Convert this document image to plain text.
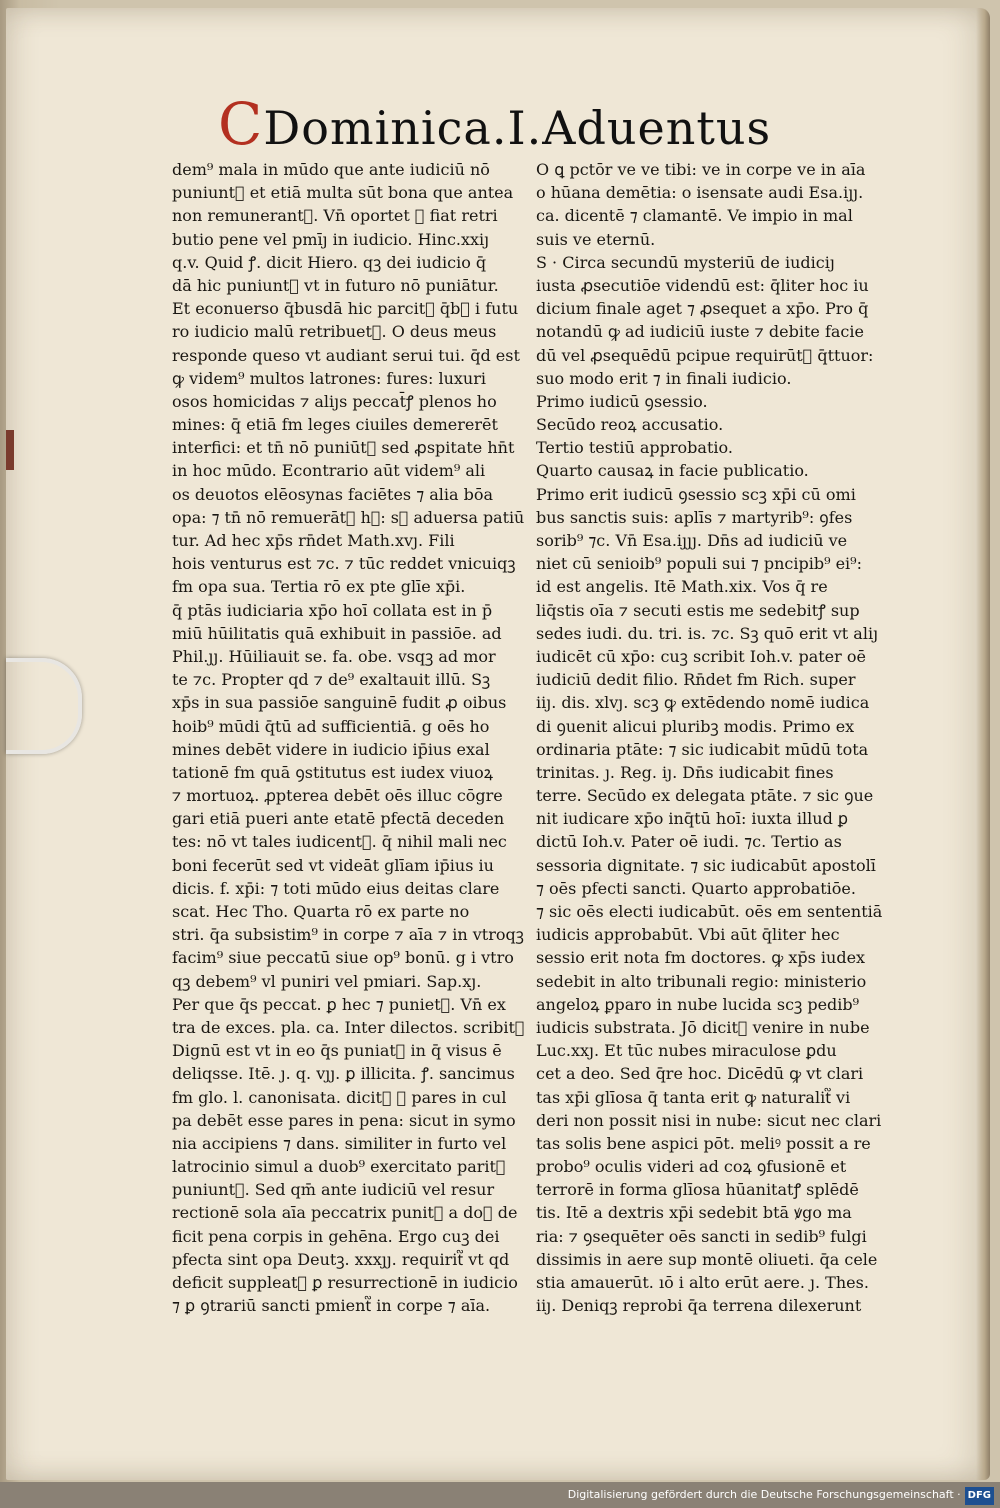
CDominica.I.Aduentus
dem⁹ mala in mūdo que ante iudiciū nō
puniunt᷑ et etiā multa sūt bona que antea
non remunerant᷑. Vn̄ oportet ꝙ fiat retri
butio pene vel pmīȷ in iudicio. Hinc.xxiȷ
q.v. Quid ꝭ. dicit Hiero. qꝫ dei iudicio q̄
dā hic puniunt᷑ vt in futuro nō puniātur.
Et econuerso q̄busdā hic parcit᷑ q̄bꝫ i futu
ro iudicio malū retribuet᷑. O deus meus
responde queso vt audiant serui tui. q̄d est
ꝙ videm⁹ multos latrones: fures: luxuri
osos homicidas ⁊ aliȷs peccat̄ꝭ plenos ho
mines: q̄ etiā fm leges ciuiles demererēt
interfici: et tn̄ nō puniūt᷑ sed ꝓspitate hn̄t
in hoc mūdo. Econtrario aūt videm⁹ ali
os deuotos elēosynas faciētes ⁊ alia bōa
opa: ⁊ tn̄ nō remuerāt᷑ hꝫ: sꝫ aduersa patiū
tur. Ad hec xp̄s rn̄det Math.xvȷ. Fili
hois venturus est ⁊c. ⁊ tūc reddet vnicuiqꝫ
fm opa sua. Tertia rō ex pte glīe xp̄i.
q̄ ptās iudiciaria xp̄o hoī collata est in p̄
miū hūilitatis quā exhibuit in passiōe. ad
Phil.ȷȷ. Hūiliauit se. fa. obe. vsqꝫ ad mor
te ⁊c. Propter qd ⁊ de⁹ exaltauit illū. Sꝫ
xp̄s in sua passiōe sanguinē fudit ꝓ oibus
hoib⁹ mūdi q̄tū ad sufficientiā. g oēs ho
mines debēt videre in iudicio ip̄ius exal
tationē fm quā ꝯstitutus est iudex viuoꝝ
⁊ mortuoꝝ. ꝓpterea debēt oēs illuc cōgre
gari etiā pueri ante etatē pfectā deceden
tes: nō vt tales iudicent᷑. q̄ nihil mali nec
boni fecerūt sed vt videāt glīam ip̄ius iu
dicis. f. xp̄i: ⁊ toti mūdo eius deitas clare
scat. Hec Tho. Quarta rō ex parte no
stri. q̄a subsistim⁹ in corpe ⁊ aīa ⁊ in vtroqꝫ
facim⁹ siue peccatū siue op⁹ bonū. g i vtro
qꝫ debem⁹ vl puniri vel pmiari. Sap.xȷ.
Per que q̄s peccat. ꝑ hec ⁊ puniet᷑. Vn̄ ex
tra de exces. pla. ca. Inter dilectos. scribit᷑
Dignū est vt in eo q̄s puniat᷑ in q̄ visus ē
deliqsse. Itē. ȷ. q. vȷȷ. ꝑ illicita. ꝭ. sancimus
fm glo. l. canonisata. dicit᷑ ꝙ pares in cul
pa debēt esse pares in pena: sicut in symo
nia accipiens ⁊ dans. similiter in furto vel
latrocinio simul a duob⁹ exercitato parit᷑
puniunt᷑. Sed qm̄ ante iudiciū vel resur
rectionē sola aīa peccatrix punit᷑ a doꝫ de
ficit pena corpis in gehēna. Ergo cuꝫ dei
pfecta sint opa Deutꝫ. xxxȷȷ. requirit᷑ vt qd
deficit suppleat᷑ ꝑ resurrectionē in iudicio
⁊ ꝑ ꝯtrariū sancti pmient᷑ in corpe ⁊ aīa.
O ꝗ pctōr ve ve tibi: ve in corpe ve in aīa
o hūana demētia: o isensate audi Esa.iȷȷ.
ca. dicentē ⁊ clamantē. Ve impio in mal
suis ve eternū.
S · Circa secundū mysteriū de iudiciȷ
iusta ꝓsecutiōe videndū est: q̄liter hoc iu
dicium finale aget ⁊ ꝓsequet a xp̄o. Pro q̄
notandū ꝙ ad iudiciū iuste ⁊ debite facie
dū vel ꝓsequēdū pcipue requirūt᷑ q̄ttuor:
suo modo erit ⁊ in finali iudicio.
Primo iudicū ꝯsessio.
Secūdo reoꝝ accusatio.
Tertio testiū approbatio.
Quarto causaꝝ in facie publicatio.
Primo erit iudicū ꝯsessio scꝫ xp̄i cū omi
bus sanctis suis: aplīs ⁊ martyrib⁹: ꝯfes
sorib⁹ ⁊c. Vn̄ Esa.iȷȷȷ. Dn̄s ad iudiciū ve
niet cū senioib⁹ populi sui ⁊ pncipib⁹ ei⁹:
id est angelis. Itē Math.xix. Vos q̄ re
liq̄stis oīa ⁊ secuti estis me sedebitꝭ sup
sedes iudi. du. tri. is. ⁊c. Sꝫ quō erit vt aliȷ
iudicēt cū xp̄o: cuꝫ scribit Ioh.v. pater oē
iudiciū dedit filio. Rn̄det fm Rich. super
iiȷ. dis. xlvȷ. scꝫ ꝙ extēdendo nomē iudica
di ꝯuenit alicui pluribꝫ modis. Primo ex
ordinaria ptāte: ⁊ sic iudicabit mūdū tota
trinitas. ȷ. Reg. iȷ. Dn̄s iudicabit fines
terre. Secūdo ex delegata ptāte. ⁊ sic ꝯue
nit iudicare xp̄o inq̄tū hoī: iuxta illud ꝑ
dictū Ioh.v. Pater oē iudi. ⁊c. Tertio as
sessoria dignitate. ⁊ sic iudicabūt apostolī
⁊ oēs pfecti sancti. Quarto approbatiōe.
⁊ sic oēs electi iudicabūt. oēs em sententiā
iudicis approbabūt. Vbi aūt q̄liter hec
sessio erit nota fm doctores. ꝙ xp̄s iudex
sedebit in alto tribunali regio: ministerio
angeloꝝ ꝑparo in nube lucida scꝫ pedib⁹
iudicis substrata. Jō dicit᷑ venire in nube
Luc.xxȷ. Et tūc nubes miraculose ꝑdu
cet a deo. Sed q̄re hoc. Dicēdū ꝙ vt clari
tas xp̄i glīosa q̄ tanta erit ꝙ naturalit᷑ vi
deri non possit nisi in nube: sicut nec clari
tas solis bene aspici pōt. meliꝰ possit a re
probo⁹ oculis videri ad coꝝ ꝯfusionē et
terrorē in forma glīosa hūanitatꝭ splēdē
tis. Itē a dextris xp̄i sedebit btā ꝟgo ma
ria: ⁊ ꝯsequēter oēs sancti in sedib⁹ fulgi
dissimis in aere sup montē oliueti. q̄a cele
stia amauerūt. ıō i alto erūt aere. ȷ. Thes.
iiȷ. Deniqꝫ reprobi q̄a terrena dilexerunt
Digitalisierung gefördert durch die Deutsche Forschungsgemeinschaft · DFG
